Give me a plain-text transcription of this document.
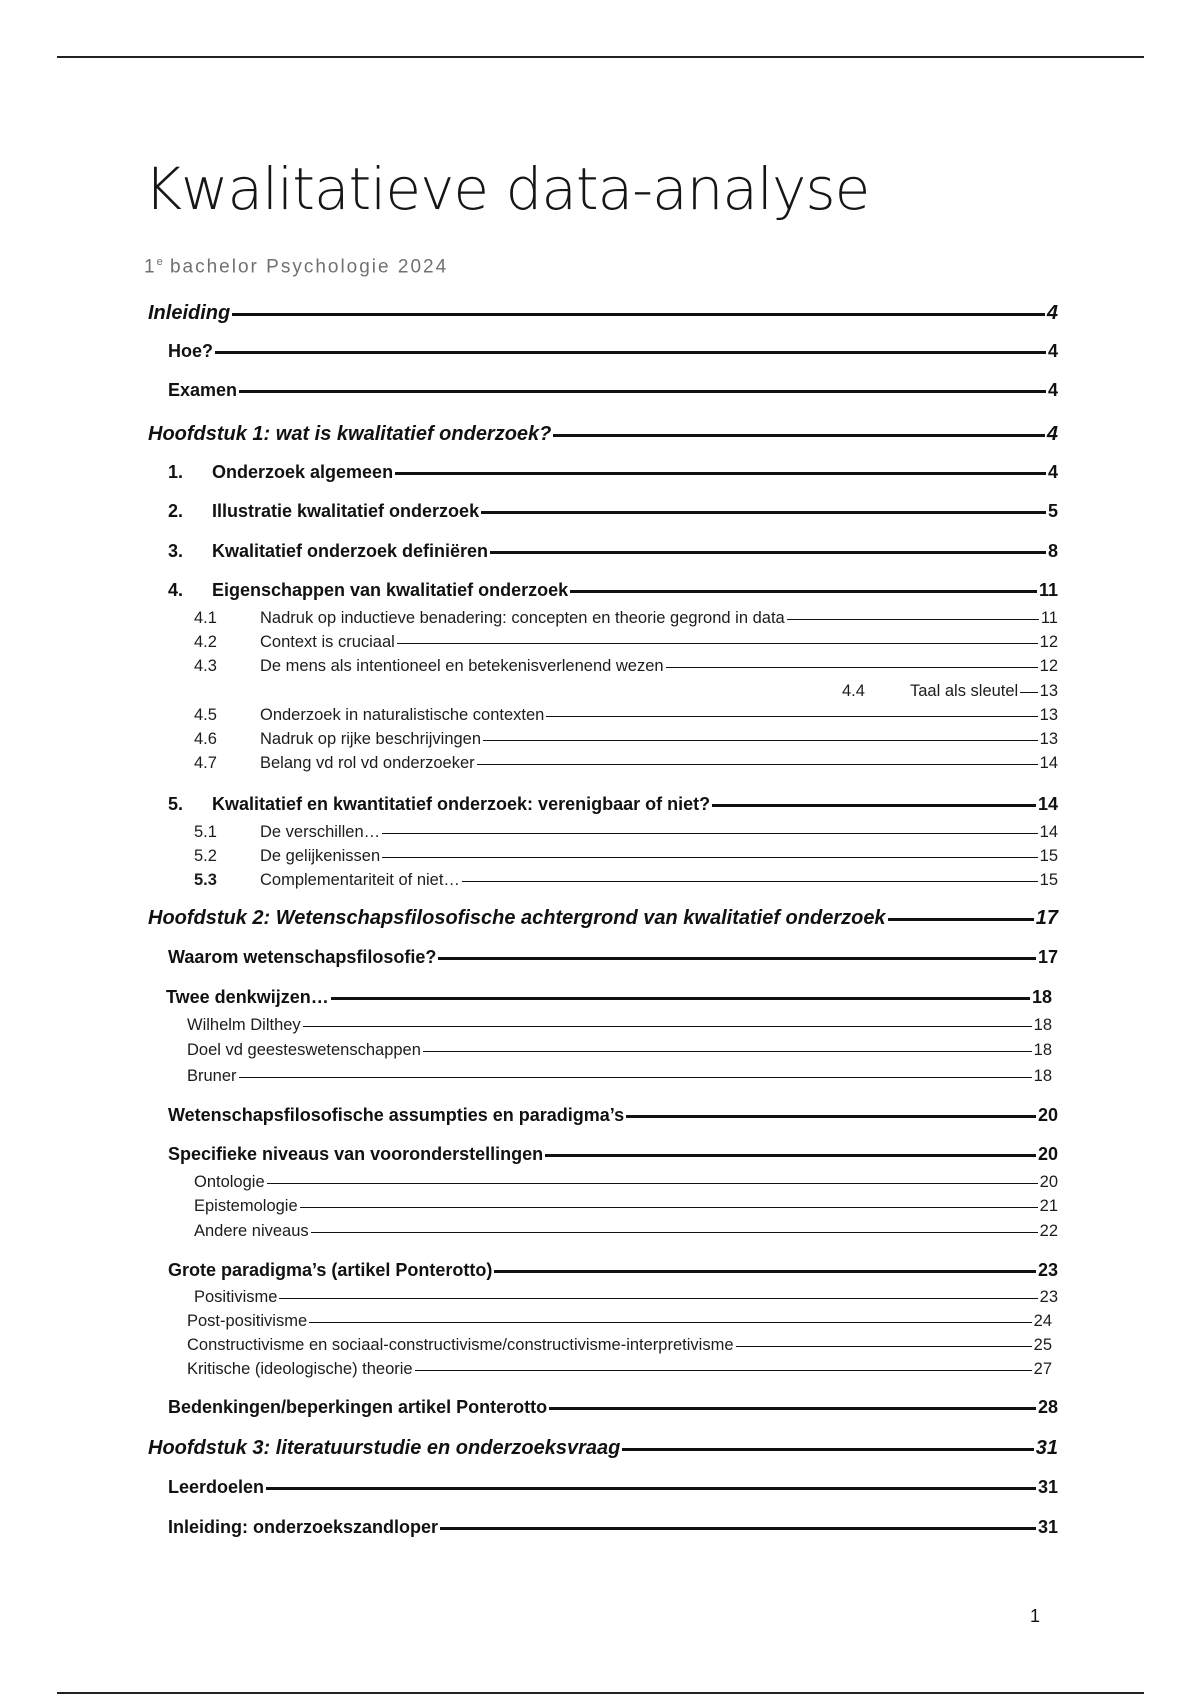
Kwalitatieve data-analyse
1e bachelor Psychologie 2024
Inleiding	4
Hoe?	4
Examen	4
Hoofdstuk 1: wat is kwalitatief onderzoek?	4
1.	Onderzoek algemeen	4
2.	Illustratie kwalitatief onderzoek	5
3.	Kwalitatief onderzoek definiëren	8
4.	Eigenschappen van kwalitatief onderzoek	11
4.1	Nadruk op inductieve benadering: concepten en theorie gegrond in data	11
4.2	Context is cruciaal	12
4.3	De mens als intentioneel en betekenisverlenend wezen	12
4.4	Taal als sleutel 13
4.5	Onderzoek in naturalistische contexten	13
4.6	Nadruk op rijke beschrijvingen	13
4.7	Belang vd rol vd onderzoeker	14
5.	Kwalitatief en kwantitatief onderzoek: verenigbaar of niet?	14
5.1	De verschillen…	14
5.2	De gelijkenissen	15
5.3	Complementariteit of niet…	15
Hoofdstuk 2: Wetenschapsfilosofische achtergrond van kwalitatief onderzoek	17
Waarom wetenschapsfilosofie?	17
Twee denkwijzen…	18
Wilhelm Dilthey	18
Doel vd geesteswetenschappen	18
Bruner	18
Wetenschapsfilosofische assumpties en paradigma’s	20
Specifieke niveaus van vooronderstellingen	20
Ontologie	20
Epistemologie	21
Andere niveaus	22
Grote paradigma’s (artikel Ponterotto)	23
Positivisme	23
Post-positivisme	24
Constructivisme en sociaal-constructivisme/constructivisme-interpretivisme	25
Kritische (ideologische) theorie	27
Bedenkingen/beperkingen artikel Ponterotto	28
Hoofdstuk 3: literatuurstudie en onderzoeksvraag	31
Leerdoelen	31
Inleiding: onderzoekszandloper	31
1
